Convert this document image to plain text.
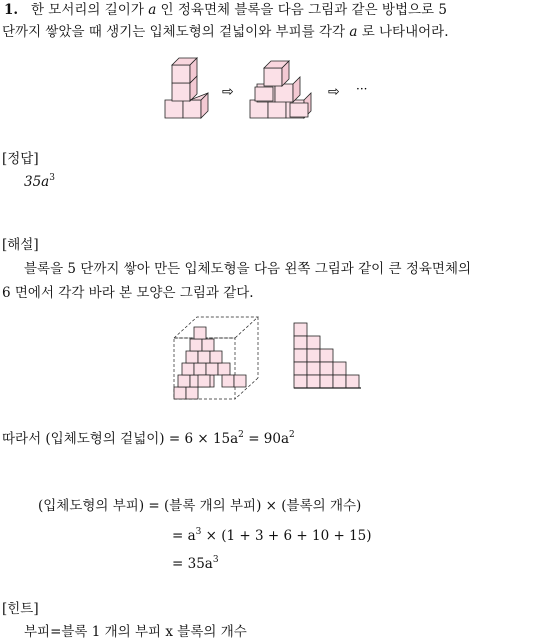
1. 한 모서리의 길이가 a 인 정육면체 블록을 다음 그림과 같은 방법으로 5
단까지 쌓았을 때 생기는 입체도형의 겉넓이와 부피를 각각 a 로 나타내어라.
⇨	⇨ ···
[정답]
$35a^3$
[해설]
블록을 5 단까지 쌓아 만든 입체도형을 다음 왼쪽 그림과 같이 큰 정육면체의
6 면에서 각각 바라 본 모양은 그림과 같다.
따라서 (입체도형의 겉넓이) = $6 \times 15a^2 = 90a^2$
(입체도형의 부피) = (블록 개의 부피) × (블록의 개수)
= $a^3 \times (1 + 3 + 6 + 10 + 15)$
= $35a^3$
[힌트]
부피=블록 1 개의 부피 x 블록의 개수
